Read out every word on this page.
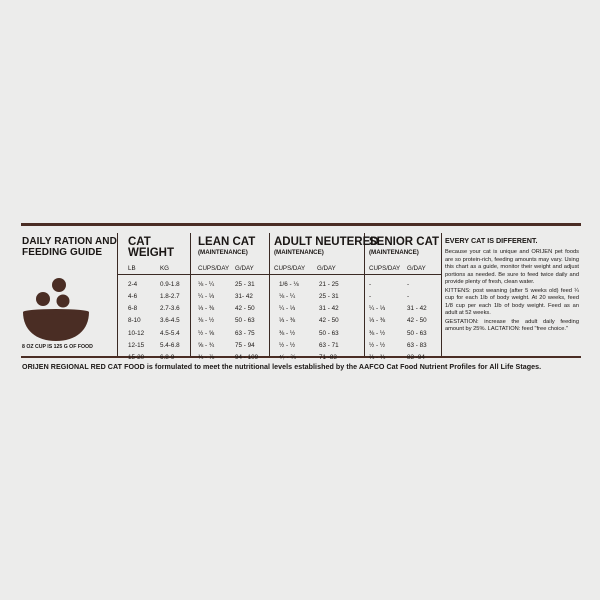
DAILY RATION AND FEEDING GUIDE
8 OZ CUP IS 125 G OF FOOD
CAT WEIGHT
LB	KG
LEAN CAT
(MAINTENANCE)
CUPS/DAY G/DAY
ADULT NEUTERED
(MAINTENANCE)
CUPS/DAY G/DAY
SENIOR CAT
(MAINTENANCE)
CUPS/DAY G/DAY
2-4	0.9-1.8	⅛ - ¼	25 - 31	1/6 - ⅛	21 - 25	-	-
4-6	1.8-2.7	¼ - ⅓	31- 42	⅛ - ¼	25 - 31	-	-
6-8	2.7-3.6	⅓ - ⅜	42 - 50	¼ - ⅓	31 - 42	¼ - ⅓	31 - 42
8-10	3.6-4.5	⅜ - ½	50 - 63	⅓ - ⅜	42 - 50	⅓ - ⅜	42 - 50
10-12	4.5-5.4	½ - ⅝	63 - 75	⅜ - ½	50 - 63	⅜ - ½	50 - 63
12-15	5.4-6.8	⅝ - ¾	75 - 94	½ - ½	63 - 71	½ - ½	63 - 83
15-20	6.8-9	¾ - ⅞	94 - 109	⁴⁄₇ - ⅔	71 -83	⅔ - ¾	83 -94
EVERY CAT IS DIFFERENT.

Because your cat is unique and ORIJEN pet foods are so protein-rich, feeding amounts may vary. Using this chart as a guide, monitor their weight and adjust portions as needed. Be sure to feed twice daily and provide plenty of fresh, clean water.

KITTENS: post weaning (after 5 weeks old) feed ¼ cup for each 1lb of body weight. At 20 weeks, feed 1/8 cup per each 1lb of body weight. Feed as an adult at 52 weeks.

GESTATION: increase the adult daily feeding amount by 25%. LACTATION: feed "free choice."

ORIJEN REGIONAL RED CAT FOOD is formulated to meet the nutritional levels established by the AAFCO Cat Food Nutrient Profiles for All Life Stages.
